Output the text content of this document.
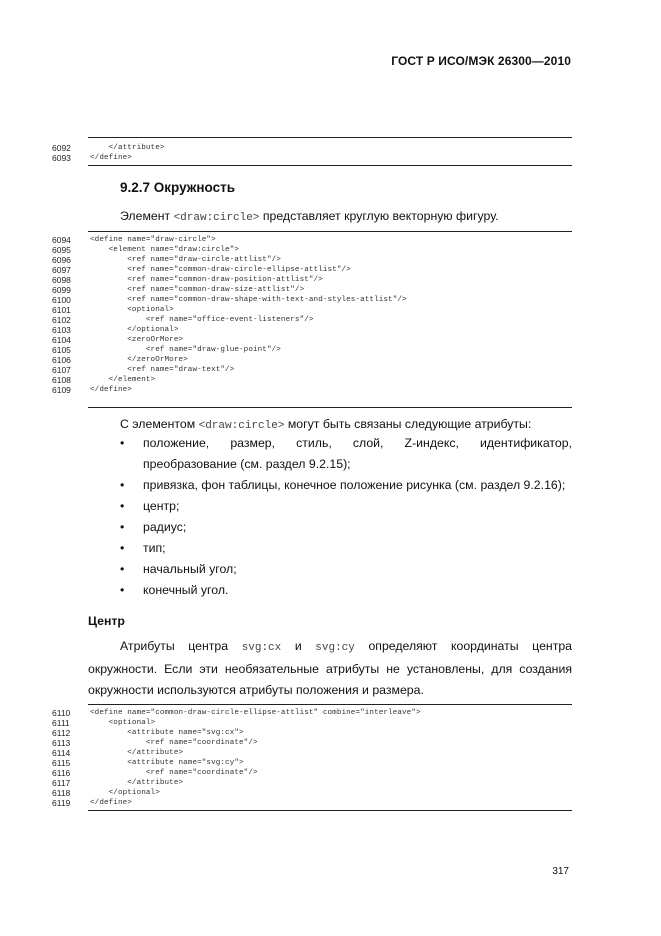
ГОСТ Р ИСО/МЭК 26300—2010
6092	</attribute>
6093	</define>
9.2.7 Окружность
Элемент <draw:circle> представляет круглую векторную фигуру.
6094	<define name="draw-circle">
6095	<element name="draw:circle">
6096	<ref name="draw-circle-attlist"/>
6097	<ref name="common-draw-circle-ellipse-attlist"/>
6098	<ref name="common-draw-position-attlist"/>
6099	<ref name="common-draw-size-attlist"/>
6100	<ref name="common-draw-shape-with-text-and-styles-attlist"/>
6101	<optional>
6102	<ref name="office-event-listeners"/>
6103	</optional>
6104	<zeroOrMore>
6105	<ref name="draw-glue-point"/>
6106	</zeroOrMore>
6107	<ref name="draw-text"/>
6108	</element>
6109	</define>
С элементом <draw:circle> могут быть связаны следующие атрибуты:
• положение, размер, стиль, слой, Z-индекс, идентификатор,
преобразование (см. раздел 9.2.15);
• привязка, фон таблицы, конечное положение рисунка (см. раздел 9.2.16);
• центр;
• радиус;
• тип;
• начальный угол;
• конечный угол.
Центр
Атрибуты центра svg:cx и svg:cy определяют координаты центра
окружности. Если эти необязательные атрибуты не установлены, для создания
окружности используются атрибуты положения и размера.
6110	<define name="common-draw-circle-ellipse-attlist" combine="interleave">
6111	<optional>
6112	<attribute name="svg:cx">
6113	<ref name="coordinate"/>
6114	</attribute>
6115	<attribute name="svg:cy">
6116	<ref name="coordinate"/>
6117	</attribute>
6118	</optional>
6119	</define>
317
